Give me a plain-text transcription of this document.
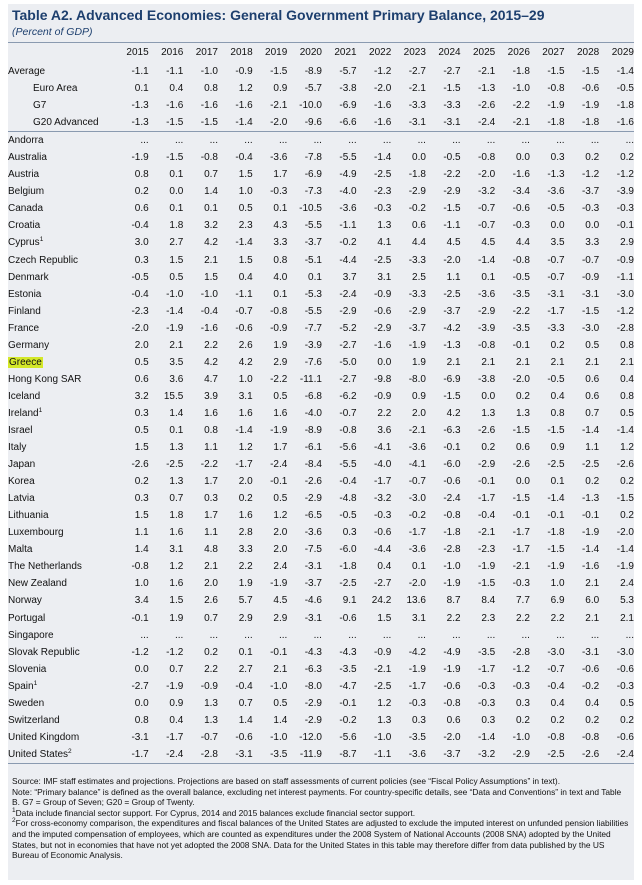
Table A2. Advanced Economies: General Government Primary Balance, 2015–29
(Percent of GDP)
	2015	2016	2017	2018	2019	2020	2021	2022	2023	2024	2025	2026	2027	2028	2029
Average	-1.1	-1.1	-1.0	-0.9	-1.5	-8.9	-5.7	-1.2	-2.7	-2.7	-2.1	-1.8	-1.5	-1.5	-1.4
Euro Area	0.1	0.4	0.8	1.2	0.9	-5.7	-3.8	-2.0	-2.1	-1.5	-1.3	-1.0	-0.8	-0.6	-0.5
G7	-1.3	-1.6	-1.6	-1.6	-2.1	-10.0	-6.9	-1.6	-3.3	-3.3	-2.6	-2.2	-1.9	-1.9	-1.8
G20 Advanced	-1.3	-1.5	-1.5	-1.4	-2.0	-9.6	-6.6	-1.6	-3.1	-3.1	-2.4	-2.1	-1.8	-1.8	-1.6
Andorra	...	...	...	...	...	...	...	...	...	...	...	...	...	...	...
Australia	-1.9	-1.5	-0.8	-0.4	-3.6	-7.8	-5.5	-1.4	0.0	-0.5	-0.8	0.0	0.3	0.2	0.2
Austria	0.8	0.1	0.7	1.5	1.7	-6.9	-4.9	-2.5	-1.8	-2.2	-2.0	-1.6	-1.3	-1.2	-1.2
Belgium	0.2	0.0	1.4	1.0	-0.3	-7.3	-4.0	-2.3	-2.9	-2.9	-3.2	-3.4	-3.6	-3.7	-3.9
Canada	0.6	0.1	0.1	0.5	0.1	-10.5	-3.6	-0.3	-0.2	-1.5	-0.7	-0.6	-0.5	-0.3	-0.3
Croatia	-0.4	1.8	3.2	2.3	4.3	-5.5	-1.1	1.3	0.6	-1.1	-0.7	-0.3	0.0	0.0	-0.1
Cyprus$^1$	3.0	2.7	4.2	-1.4	3.3	-3.7	-0.2	4.1	4.4	4.5	4.5	4.4	3.5	3.3	2.9
Czech Republic	0.3	1.5	2.1	1.5	0.8	-5.1	-4.4	-2.5	-3.3	-2.0	-1.4	-0.8	-0.7	-0.7	-0.9
Denmark	-0.5	0.5	1.5	0.4	4.0	0.1	3.7	3.1	2.5	1.1	0.1	-0.5	-0.7	-0.9	-1.1
Estonia	-0.4	-1.0	-1.0	-1.1	0.1	-5.3	-2.4	-0.9	-3.3	-2.5	-3.6	-3.5	-3.1	-3.1	-3.0
Finland	-2.3	-1.4	-0.4	-0.7	-0.8	-5.5	-2.9	-0.6	-2.9	-3.7	-2.9	-2.2	-1.7	-1.5	-1.2
France	-2.0	-1.9	-1.6	-0.6	-0.9	-7.7	-5.2	-2.9	-3.7	-4.2	-3.9	-3.5	-3.3	-3.0	-2.8
Germany	2.0	2.1	2.2	2.6	1.9	-3.9	-2.7	-1.6	-1.9	-1.3	-0.8	-0.1	0.2	0.5	0.8
Greece	0.5	3.5	4.2	4.2	2.9	-7.6	-5.0	0.0	1.9	2.1	2.1	2.1	2.1	2.1	2.1
Hong Kong SAR	0.6	3.6	4.7	1.0	-2.2	-11.1	-2.7	-9.8	-8.0	-6.9	-3.8	-2.0	-0.5	0.6	0.4
Iceland	3.2	15.5	3.9	3.1	0.5	-6.8	-6.2	-0.9	0.9	-1.5	0.0	0.2	0.4	0.6	0.8
Ireland$^1$	0.3	1.4	1.6	1.6	1.6	-4.0	-0.7	2.2	2.0	4.2	1.3	1.3	0.8	0.7	0.5
Israel	0.5	0.1	0.8	-1.4	-1.9	-8.9	-0.8	3.6	-2.1	-6.3	-2.6	-1.5	-1.5	-1.4	-1.4
Italy	1.5	1.3	1.1	1.2	1.7	-6.1	-5.6	-4.1	-3.6	-0.1	0.2	0.6	0.9	1.1	1.2
Japan	-2.6	-2.5	-2.2	-1.7	-2.4	-8.4	-5.5	-4.0	-4.1	-6.0	-2.9	-2.6	-2.5	-2.5	-2.6
Korea	0.2	1.3	1.7	2.0	-0.1	-2.6	-0.4	-1.7	-0.7	-0.6	-0.1	0.0	0.1	0.2	0.2
Latvia	0.3	0.7	0.3	0.2	0.5	-2.9	-4.8	-3.2	-3.0	-2.4	-1.7	-1.5	-1.4	-1.3	-1.5
Lithuania	1.5	1.8	1.7	1.6	1.2	-6.5	-0.5	-0.3	-0.2	-0.8	-0.4	-0.1	-0.1	-0.1	0.2
Luxembourg	1.1	1.6	1.1	2.8	2.0	-3.6	0.3	-0.6	-1.7	-1.8	-2.1	-1.7	-1.8	-1.9	-2.0
Malta	1.4	3.1	4.8	3.3	2.0	-7.5	-6.0	-4.4	-3.6	-2.8	-2.3	-1.7	-1.5	-1.4	-1.4
The Netherlands	-0.8	1.2	2.1	2.2	2.4	-3.1	-1.8	0.4	0.1	-1.0	-1.9	-2.1	-1.9	-1.6	-1.9
New Zealand	1.0	1.6	2.0	1.9	-1.9	-3.7	-2.5	-2.7	-2.0	-1.9	-1.5	-0.3	1.0	2.1	2.4
Norway	3.4	1.5	2.6	5.7	4.5	-4.6	9.1	24.2	13.6	8.7	8.4	7.7	6.9	6.0	5.3
Portugal	-0.1	1.9	0.7	2.9	2.9	-3.1	-0.6	1.5	3.1	2.2	2.3	2.2	2.2	2.1	2.1
Singapore	...	...	...	...	...	...	...	...	...	...	...	...	...	...	...
Slovak Republic	-1.2	-1.2	0.2	0.1	-0.1	-4.3	-4.3	-0.9	-4.2	-4.9	-3.5	-2.8	-3.0	-3.1	-3.0
Slovenia	0.0	0.7	2.2	2.7	2.1	-6.3	-3.5	-2.1	-1.9	-1.9	-1.7	-1.2	-0.7	-0.6	-0.6
Spain$^1$	-2.7	-1.9	-0.9	-0.4	-1.0	-8.0	-4.7	-2.5	-1.7	-0.6	-0.3	-0.3	-0.4	-0.2	-0.3
Sweden	0.0	0.9	1.3	0.7	0.5	-2.9	-0.1	1.2	-0.3	-0.8	-0.3	0.3	0.4	0.4	0.5
Switzerland	0.8	0.4	1.3	1.4	1.4	-2.9	-0.2	1.3	0.3	0.6	0.3	0.2	0.2	0.2	0.2
United Kingdom	-3.1	-1.7	-0.7	-0.6	-1.0	-12.0	-5.6	-1.0	-3.5	-2.0	-1.4	-1.0	-0.8	-0.8	-0.6
United States$^2$	-1.7	-2.4	-2.8	-3.1	-3.5	-11.9	-8.7	-1.1	-3.6	-3.7	-3.2	-2.9	-2.5	-2.6	-2.4

Source: IMF staff estimates and projections. Projections are based on staff assessments of current policies (see “Fiscal Policy Assumptions” in text).

Note: “Primary balance” is defined as the overall balance, excluding net interest payments. For country-specific details, see “Data and Conventions” in text and Table B. G7 = Group of Seven; G20 = Group of Twenty.

$^1$Data include financial sector support. For Cyprus, 2014 and 2015 balances exclude financial sector support.

$^2$For cross-economy comparison, the expenditures and fiscal balances of the United States are adjusted to exclude the imputed interest on unfunded pension liabilities and the imputed compensation of employees, which are counted as expenditures under the 2008 System of National Accounts (2008 SNA) adopted by the United States, but not in economies that have not yet adopted the 2008 SNA. Data for the United States in this table may therefore differ from data published by the US Bureau of Economic Analysis.
